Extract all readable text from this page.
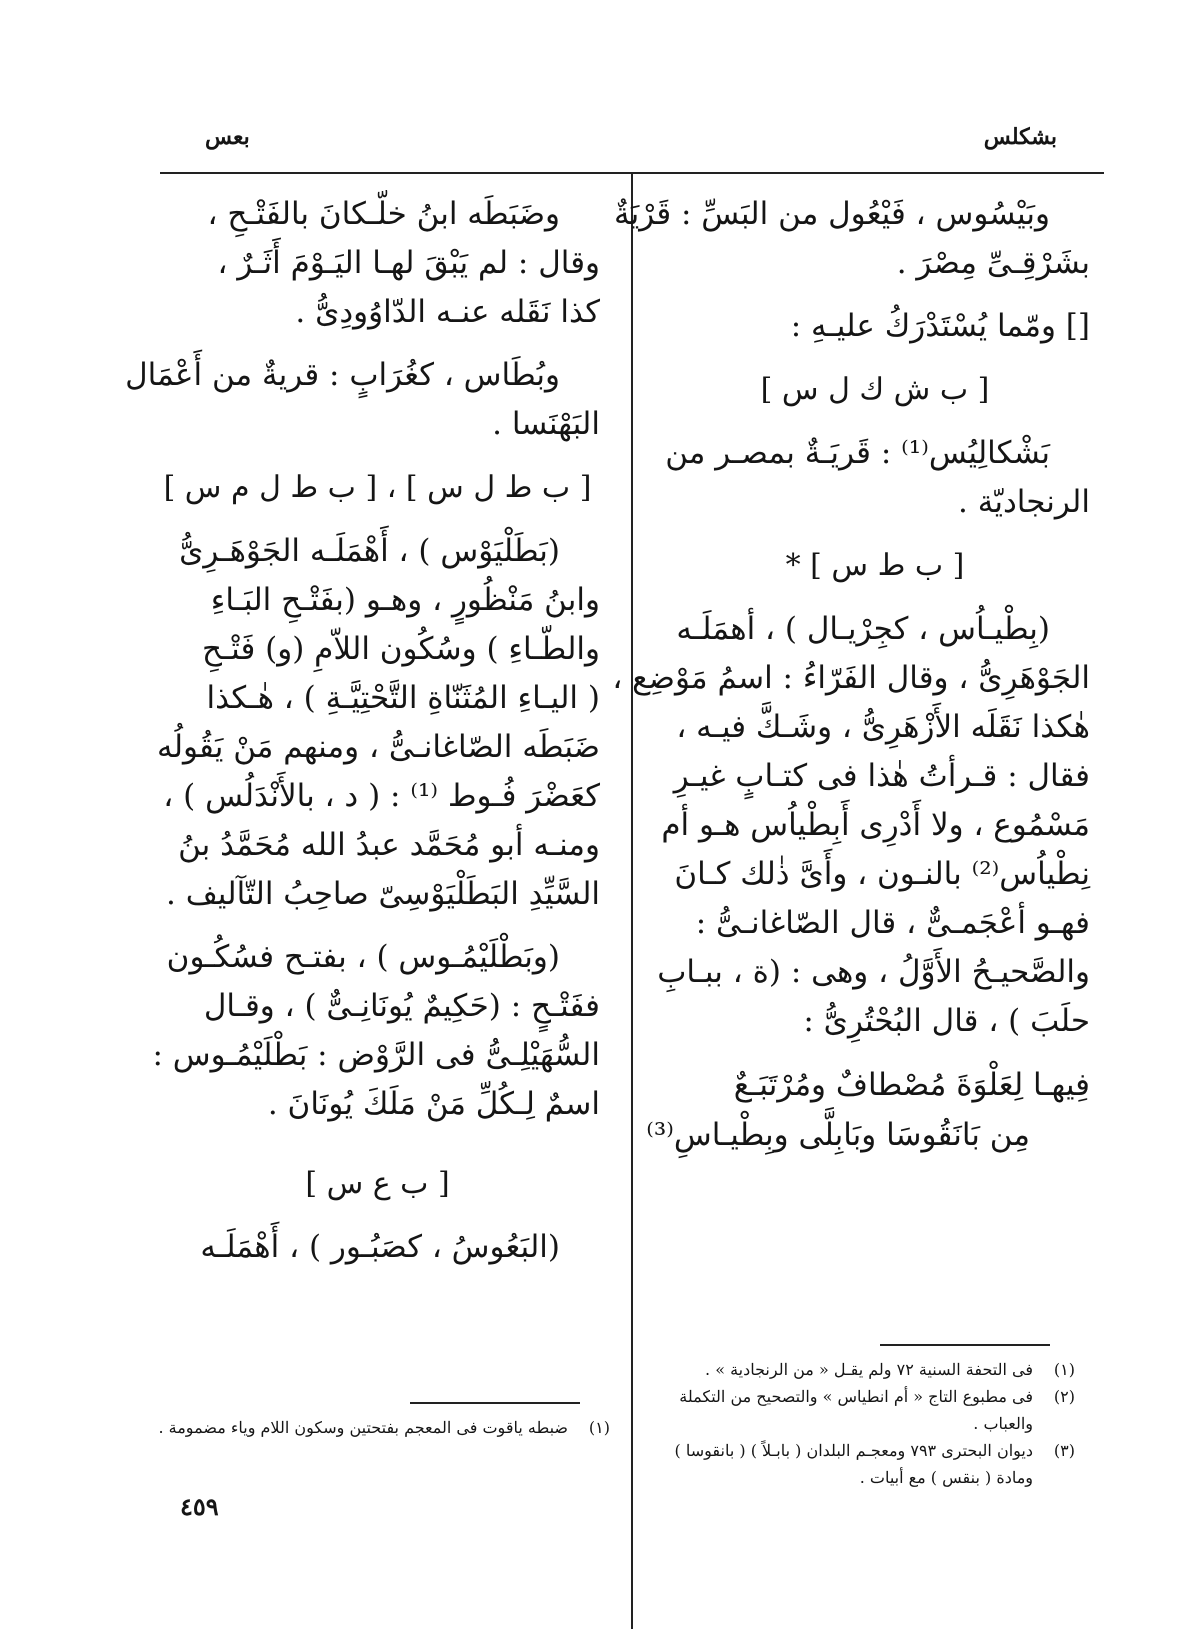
بشكلس
بعس
وبَيْسُوس ، فَيْعُول من البَسِّ : قَرْيَةٌ
بشَرْقِـىِّ مِصْرَ .
[] ومّما يُسْتَدْرَكُ عليـهِ :
[ ب ش ك ل س ]
بَشْكالِيُس⁽¹⁾ : قَريَـةٌ بمصـر من
الرنجاديّة .
[ ب ط س ] *
(بِطْيـاُس ، كجِرْيـال ) ، أهمَلَـه
الجَوْهَرِىُّ ، وقال الفَرّاءُ : اسمُ مَوْضِع ،
هٰكذا نَقَلَه الأَزْهَرِىُّ ، وشَـكَّ فيـه ،
فقال : قـرأتُ هٰذا فى كتـابٍ غيـرِ
مَسْمُوع ، ولا أَدْرِى أَبِطْياُس هـو أم
نِطْياُس⁽²⁾ بالنـون ، وأَىَّ ذٰلك كـانَ
فهـو أعْجَمـىٌّ ، قال الصّاغانـىُّ :
والصَّحيـحُ الأَوَّلُ ، وهى : (ة ، ببـابِ
حلَبَ ) ، قال البُحْتُرِىُّ :
فِيهـا لِعَلْوَةَ مُصْطافٌ ومُرْتَبَـعٌ
مِن بَانَقُوسَا وبَابِلَّى وبِطْيـاسِ⁽³⁾
(١)
فى التحفة السنية ٧٢ ولم يقـل « من الرنجادية » .
(٢)
فى مطبوع التاج « أم انطياس » والتصحيح من التكملة والعباب .
(٣)
ديوان البحترى ٧٩٣ ومعجـم البلدان ( بابـلاً ) ( بانقوسا ) ومادة ( بنقس ) مع أبيات .
وضَبَطَه ابنُ خلّـكانَ بالفَتْـحِ ،
وقال : لم يَبْقَ لهـا اليَـوْمَ أَثَـرٌ ،
كذا نَقَله عنـه الدّاوُودِىُّ .
وبُطَاس ، كغُرَابٍ : قريةٌ من أَعْمَال
البَهْنَسا .
[ ب ط ل س ] ، [ ب ط ل م س ]
(بَطَلْيَوْس ) ، أَهْمَلَـه الجَوْهَـرِىُّ
وابنُ مَنْظُورٍ ، وهـو (بفَتْـحِ البَـاءِ
والطّـاءِ ) وسُكُون اللاّمِ (و) فَتْـحِ
( اليـاءِ المُثَنّاةِ التَّحْتِيَّـةِ ) ، هٰـكذا
ضَبَطَه الصّاغانـىُّ ، ومنهم مَنْ يَقُولُه
كعَضْرَ فُـوط ⁽¹⁾ : ( د ، بالأَنْدَلُس ) ،
ومنـه أبو مُحَمَّد عبدُ الله مُحَمَّدُ بنُ
السَّيِّدِ البَطَلْيَوْسِىّ صاحِبُ التّآليف .
(وبَطْلَيْمُـوس ) ، بفتـح فسُكُـون
ففَتْـحٍ : (حَكِيمٌ يُونَانِـىٌّ ) ، وقـال
السُّهَيْلِـىُّ فى الرَّوْض : بَطْلَيْمُـوس :
اسمٌ لِـكُلِّ مَنْ مَلَكَ يُونَانَ .
[ ب ع س ]
(البَعُوسُ ، كصَبُـور ) ، أَهْمَلَـه
(١)
ضبطه ياقوت فى المعجم بفتحتين وسكون اللام وياء مضمومة .
٤٥٩
